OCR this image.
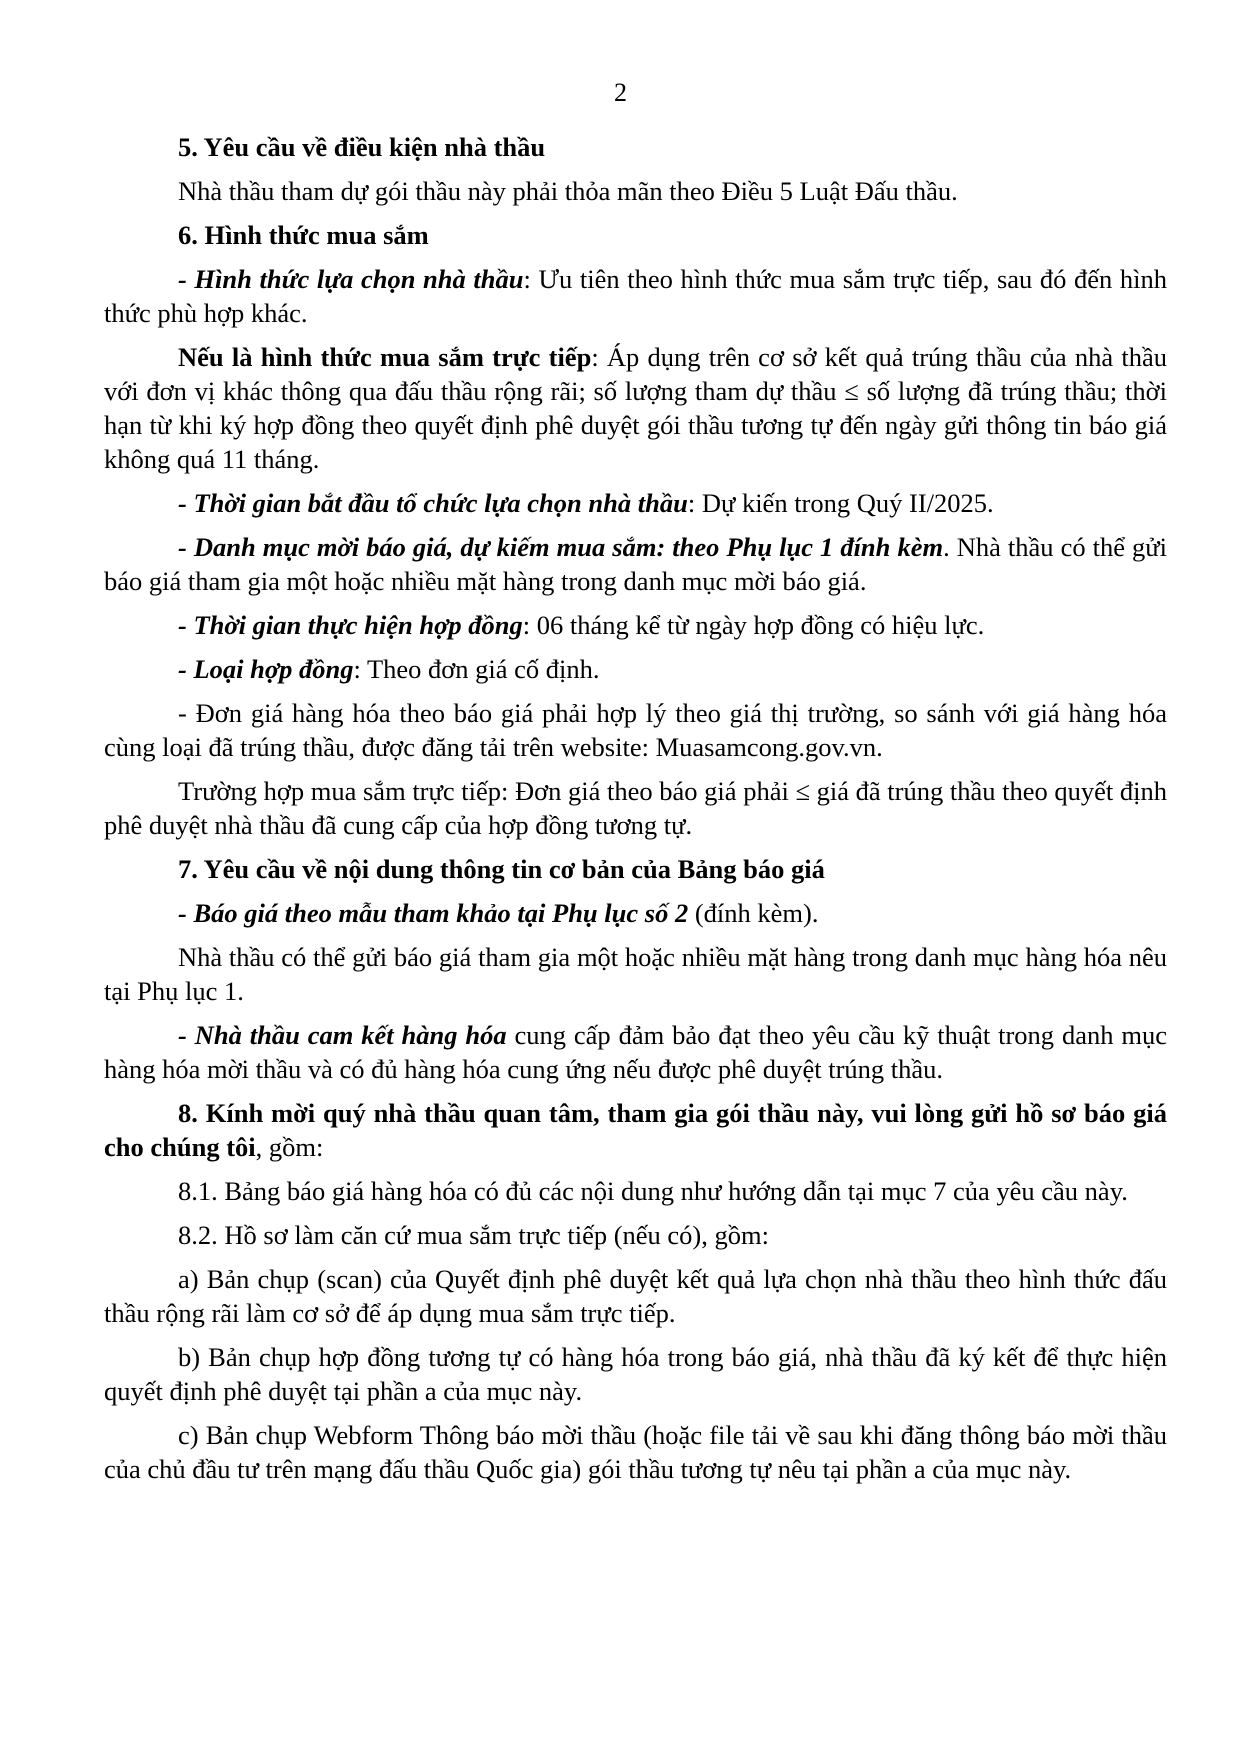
2

5. Yêu cầu về điều kiện nhà thầu

Nhà thầu tham dự gói thầu này phải thỏa mãn theo Điều 5 Luật Đấu thầu.

6. Hình thức mua sắm

- Hình thức lựa chọn nhà thầu: Ưu tiên theo hình thức mua sắm trực tiếp, sau đó đến hình thức phù hợp khác.

Nếu là hình thức mua sắm trực tiếp: Áp dụng trên cơ sở kết quả trúng thầu của nhà thầu với đơn vị khác thông qua đấu thầu rộng rãi; số lượng tham dự thầu ≤ số lượng đã trúng thầu; thời hạn từ khi ký hợp đồng theo quyết định phê duyệt gói thầu tương tự đến ngày gửi thông tin báo giá không quá 11 tháng.

- Thời gian bắt đầu tổ chức lựa chọn nhà thầu: Dự kiến trong Quý II/2025.

- Danh mục mời báo giá, dự kiếm mua sắm: theo Phụ lục 1 đính kèm. Nhà thầu có thể gửi báo giá tham gia một hoặc nhiều mặt hàng trong danh mục mời báo giá.

- Thời gian thực hiện hợp đồng: 06 tháng kể từ ngày hợp đồng có hiệu lực.

- Loại hợp đồng: Theo đơn giá cố định.

- Đơn giá hàng hóa theo báo giá phải hợp lý theo giá thị trường, so sánh với giá hàng hóa cùng loại đã trúng thầu, được đăng tải trên website: Muasamcong.gov.vn.

Trường hợp mua sắm trực tiếp: Đơn giá theo báo giá phải ≤ giá đã trúng thầu theo quyết định phê duyệt nhà thầu đã cung cấp của hợp đồng tương tự.

7. Yêu cầu về nội dung thông tin cơ bản của Bảng báo giá

- Báo giá theo mẫu tham khảo tại Phụ lục số 2 (đính kèm).

Nhà thầu có thể gửi báo giá tham gia một hoặc nhiều mặt hàng trong danh mục hàng hóa nêu tại Phụ lục 1.

- Nhà thầu cam kết hàng hóa cung cấp đảm bảo đạt theo yêu cầu kỹ thuật trong danh mục hàng hóa mời thầu và có đủ hàng hóa cung ứng nếu được phê duyệt trúng thầu.

8. Kính mời quý nhà thầu quan tâm, tham gia gói thầu này, vui lòng gửi hồ sơ báo giá cho chúng tôi, gồm:

8.1. Bảng báo giá hàng hóa có đủ các nội dung như hướng dẫn tại mục 7 của yêu cầu này.

8.2. Hồ sơ làm căn cứ mua sắm trực tiếp (nếu có), gồm:

a) Bản chụp (scan) của Quyết định phê duyệt kết quả lựa chọn nhà thầu theo hình thức đấu thầu rộng rãi làm cơ sở để áp dụng mua sắm trực tiếp.

b) Bản chụp hợp đồng tương tự có hàng hóa trong báo giá, nhà thầu đã ký kết để thực hiện quyết định phê duyệt tại phần a của mục này.

c) Bản chụp Webform Thông báo mời thầu (hoặc file tải về sau khi đăng thông báo mời thầu của chủ đầu tư trên mạng đấu thầu Quốc gia) gói thầu tương tự nêu tại phần a của mục này.
